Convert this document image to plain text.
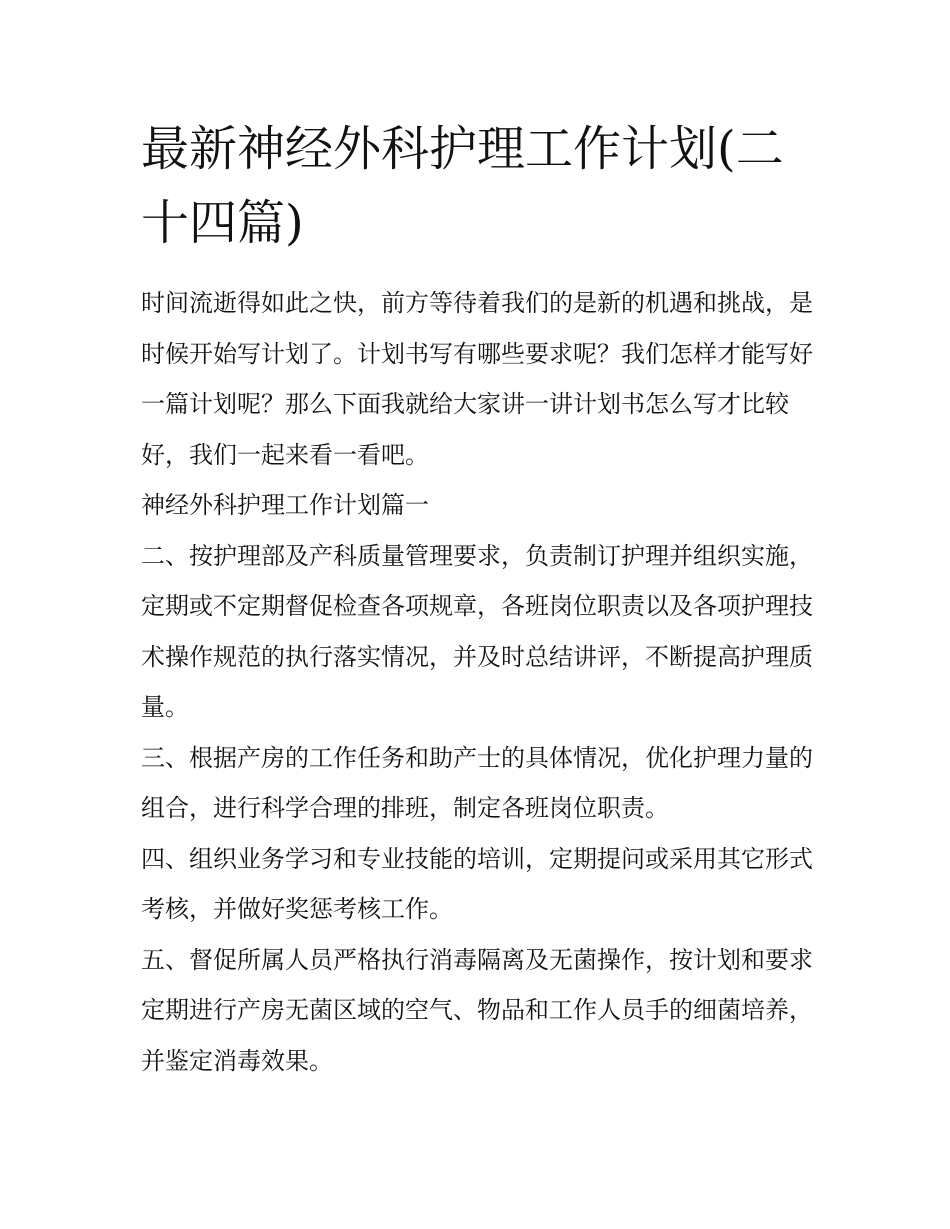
最新神经外科护理工作计划(二十四篇)

时间流逝得如此之快，前方等待着我们的是新的机遇和挑战，是时候开始写计划了。计划书写有哪些要求呢？我们怎样才能写好一篇计划呢？那么下面我就给大家讲一讲计划书怎么写才比较好，我们一起来看一看吧。

神经外科护理工作计划篇一

二、按护理部及产科质量管理要求，负责制订护理并组织实施，定期或不定期督促检查各项规章，各班岗位职责以及各项护理技术操作规范的执行落实情况，并及时总结讲评，不断提高护理质量。

三、根据产房的工作任务和助产士的具体情况，优化护理力量的组合，进行科学合理的排班，制定各班岗位职责。

四、组织业务学习和专业技能的培训，定期提问或采用其它形式考核，并做好奖惩考核工作。

五、督促所属人员严格执行消毒隔离及无菌操作，按计划和要求定期进行产房无菌区域的空气、物品和工作人员手的细菌培养，并鉴定消毒效果。
